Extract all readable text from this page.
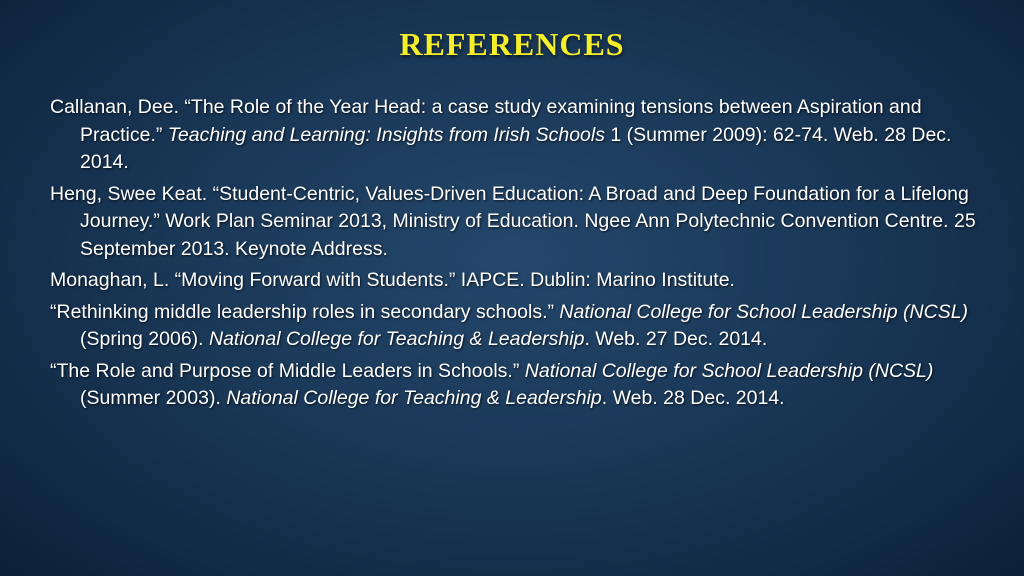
REFERENCES

Callanan, Dee. “The Role of the Year Head: a case study examining tensions between Aspiration and Practice.” Teaching and Learning: Insights from Irish Schools 1 (Summer 2009): 62-74. Web. 28 Dec. 2014.

Heng, Swee Keat. “Student-Centric, Values-Driven Education: A Broad and Deep Foundation for a Lifelong Journey.” Work Plan Seminar 2013, Ministry of Education. Ngee Ann Polytechnic Convention Centre. 25 September 2013. Keynote Address.

Monaghan, L. “Moving Forward with Students.” IAPCE. Dublin: Marino Institute.

“Rethinking middle leadership roles in secondary schools.” National College for School Leadership (NCSL) (Spring 2006). National College for Teaching & Leadership. Web. 27 Dec. 2014.

“The Role and Purpose of Middle Leaders in Schools.” National College for School Leadership (NCSL) (Summer 2003). National College for Teaching & Leadership. Web. 28 Dec. 2014.
